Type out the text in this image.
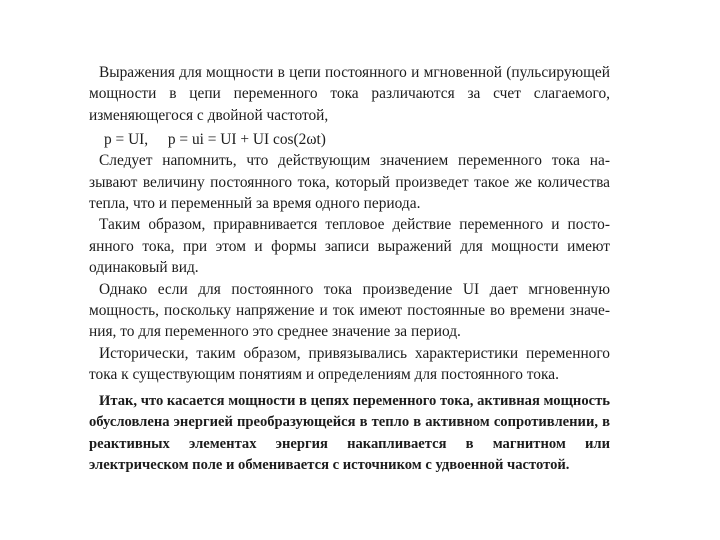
Выражения для мощности в цепи постоянного и мгновенной (пульсирующей мощности в цепи переменного тока различаются за счет слагаемого, изменяющегося с двойной частотой,

p = UI, p = ui = UI + UI cos(2ωt)

Следует напомнить, что действующим значением переменного тока называют величину постоянного тока, который произведет такое же количества тепла, что и переменный за время одного периода.

Таким образом, приравнивается тепловое действие переменного и постоянного тока, при этом и формы записи выражений для мощности имеют одинаковый вид.

Однако если для постоянного тока произведение UI дает мгновенную мощность, поскольку напряжение и ток имеют постоянные во времени значения, то для переменного это среднее значение за период.

Исторически, таким образом, привязывались характеристики переменного тока к существующим понятиям и определениям для постоянного тока.

Итак, что касается мощности в цепях переменного тока, активная мощность обусловлена энергией преобразующейся в тепло в активном сопротивлении, в реактивных элементах энергия накапливается в магнитном или электрическом поле и обменивается с источником с удвоенной частотой.
